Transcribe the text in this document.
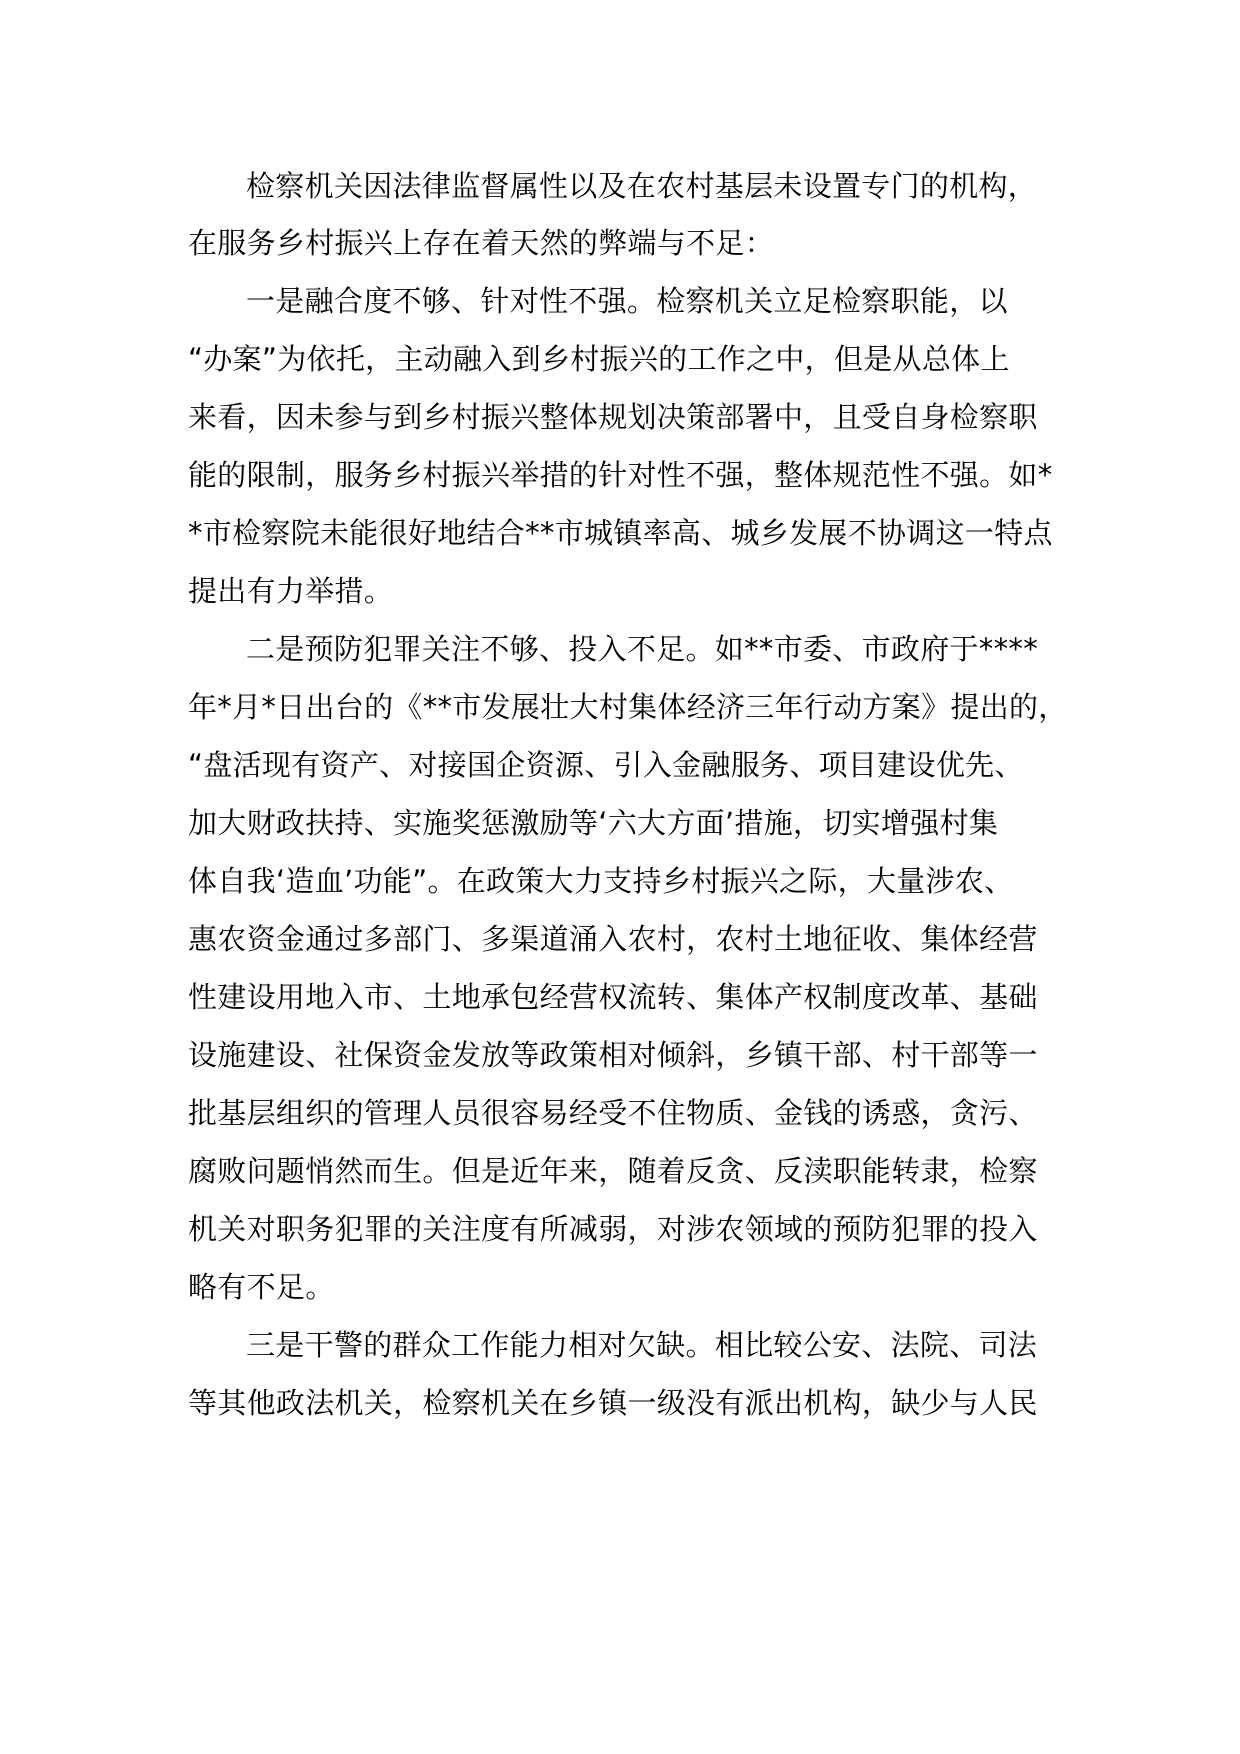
检察机关因法律监督属性以及在农村基层未设置专门的机构，
在服务乡村振兴上存在着天然的弊端与不足：
一是融合度不够、针对性不强。检察机关立足检察职能，以
“办案”为依托，主动融入到乡村振兴的工作之中，但是从总体上
来看，因未参与到乡村振兴整体规划决策部署中，且受自身检察职
能的限制，服务乡村振兴举措的针对性不强，整体规范性不强。如*
*市检察院未能很好地结合**市城镇率高、城乡发展不协调这一特点
提出有力举措。
二是预防犯罪关注不够、投入不足。如**市委、市政府于****
年*月*日出台的《**市发展壮大村集体经济三年行动方案》提出的，
“盘活现有资产、对接国企资源、引入金融服务、项目建设优先、
加大财政扶持、实施奖惩激励等‘六大方面’措施，切实增强村集
体自我‘造血’功能”。在政策大力支持乡村振兴之际，大量涉农、
惠农资金通过多部门、多渠道涌入农村，农村土地征收、集体经营
性建设用地入市、土地承包经营权流转、集体产权制度改革、基础
设施建设、社保资金发放等政策相对倾斜，乡镇干部、村干部等一
批基层组织的管理人员很容易经受不住物质、金钱的诱惑，贪污、
腐败问题悄然而生。但是近年来，随着反贪、反渎职能转隶，检察
机关对职务犯罪的关注度有所减弱，对涉农领域的预防犯罪的投入
略有不足。
三是干警的群众工作能力相对欠缺。相比较公安、法院、司法
等其他政法机关，检察机关在乡镇一级没有派出机构，缺少与人民
